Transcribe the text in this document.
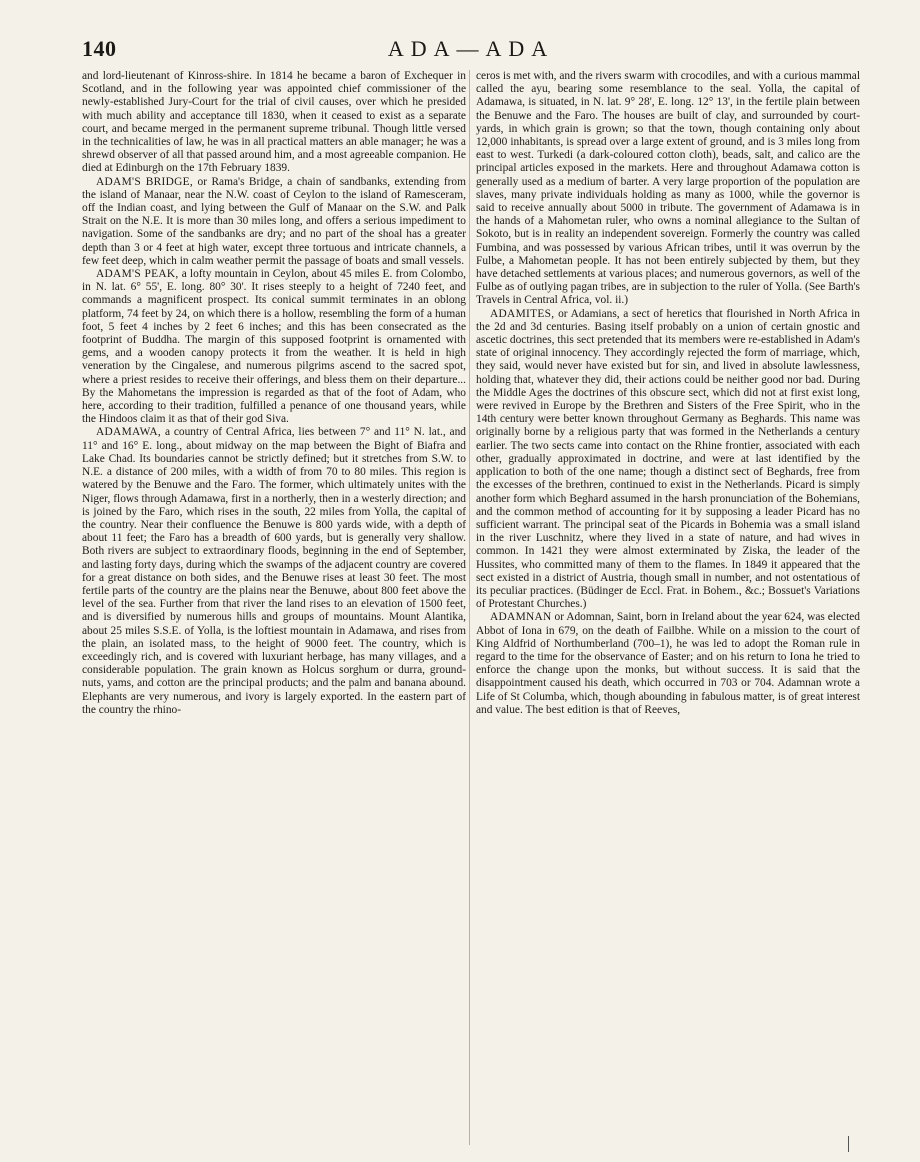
140	ADA—ADA

and lord-lieutenant of Kinross-shire. In 1814 he became a baron of Exchequer in Scotland, and in the following year was appointed chief commissioner of the newly-established Jury-Court for the trial of civil causes, over which he presided with much ability and acceptance till 1830, when it ceased to exist as a separate court, and became merged in the permanent supreme tribunal. Though little versed in the technicalities of law, he was in all practical matters an able manager; he was a shrewd observer of all that passed around him, and a most agreeable companion. He died at Edinburgh on the 17th February 1839.

ADAM'S BRIDGE, or Rama's Bridge, a chain of sandbanks, extending from the island of Manaar, near the N.W. coast of Ceylon to the island of Ramesceram, off the Indian coast, and lying between the Gulf of Manaar on the S.W. and Palk Strait on the N.E. It is more than 30 miles long, and offers a serious impediment to navigation. Some of the sandbanks are dry; and no part of the shoal has a greater depth than 3 or 4 feet at high water, except three tortuous and intricate channels, a few feet deep, which in calm weather permit the passage of boats and small vessels.

ADAM'S PEAK, a lofty mountain in Ceylon, about 45 miles E. from Colombo, in N. lat. 6° 55', E. long. 80° 30'. It rises steeply to a height of 7240 feet, and commands a magnificent prospect. Its conical summit terminates in an oblong platform, 74 feet by 24, on which there is a hollow, resembling the form of a human foot, 5 feet 4 inches by 2 feet 6 inches; and this has been consecrated as the footprint of Buddha. The margin of this supposed footprint is ornamented with gems, and a wooden canopy protects it from the weather. It is held in high veneration by the Cingalese, and numerous pilgrims ascend to the sacred spot, where a priest resides to receive their offerings, and bless them on their departure... By the Mahometans the impression is regarded as that of the foot of Adam, who here, according to their tradition, fulfilled a penance of one thousand years, while the Hindoos claim it as that of their god Siva.

ADAMAWA, a country of Central Africa, lies between 7° and 11° N. lat., and 11° and 16° E. long., about midway on the map between the Bight of Biafra and Lake Chad. Its boundaries cannot be strictly defined; but it stretches from S.W. to N.E. a distance of 200 miles, with a width of from 70 to 80 miles. This region is watered by the Benuwe and the Faro. The former, which ultimately unites with the Niger, flows through Adamawa, first in a northerly, then in a westerly direction; and is joined by the Faro, which rises in the south, 22 miles from Yolla, the capital of the country. Near their confluence the Benuwe is 800 yards wide, with a depth of about 11 feet; the Faro has a breadth of 600 yards, but is generally very shallow. Both rivers are subject to extraordinary floods, beginning in the end of September, and lasting forty days, during which the swamps of the adjacent country are covered for a great distance on both sides, and the Benuwe rises at least 30 feet. The most fertile parts of the country are the plains near the Benuwe, about 800 feet above the level of the sea. Further from that river the land rises to an elevation of 1500 feet, and is diversified by numerous hills and groups of mountains. Mount Alantika, about 25 miles S.S.E. of Yolla, is the loftiest mountain in Adamawa, and rises from the plain, an isolated mass, to the height of 9000 feet. The country, which is exceedingly rich, and is covered with luxuriant herbage, has many villages, and a considerable population. The grain known as Holcus sorghum or durra, ground-nuts, yams, and cotton are the principal products; and the palm and banana abound. Elephants are very numerous, and ivory is largely exported. In the eastern part of the country the rhino-

ceros is met with, and the rivers swarm with crocodiles, and with a curious mammal called the ayu, bearing some resemblance to the seal. Yolla, the capital of Adamawa, is situated, in N. lat. 9° 28', E. long. 12° 13', in the fertile plain between the Benuwe and the Faro. The houses are built of clay, and surrounded by court-yards, in which grain is grown; so that the town, though containing only about 12,000 inhabitants, is spread over a large extent of ground, and is 3 miles long from east to west. Turkedi (a dark-coloured cotton cloth), beads, salt, and calico are the principal articles exposed in the markets. Here and throughout Adamawa cotton is generally used as a medium of barter. A very large proportion of the population are slaves, many private individuals holding as many as 1000, while the governor is said to receive annually about 5000 in tribute. The government of Adamawa is in the hands of a Mahometan ruler, who owns a nominal allegiance to the Sultan of Sokoto, but is in reality an independent sovereign. Formerly the country was called Fumbina, and was possessed by various African tribes, until it was overrun by the Fulbe, a Mahometan people. It has not been entirely subjected by them, but they have detached settlements at various places; and numerous governors, as well of the Fulbe as of outlying pagan tribes, are in subjection to the ruler of Yolla. (See Barth's Travels in Central Africa, vol. ii.)

ADAMITES, or Adamians, a sect of heretics that flourished in North Africa in the 2d and 3d centuries. Basing itself probably on a union of certain gnostic and ascetic doctrines, this sect pretended that its members were re-established in Adam's state of original innocency. They accordingly rejected the form of marriage, which, they said, would never have existed but for sin, and lived in absolute lawlessness, holding that, whatever they did, their actions could be neither good nor bad. During the Middle Ages the doctrines of this obscure sect, which did not at first exist long, were revived in Europe by the Brethren and Sisters of the Free Spirit, who in the 14th century were better known throughout Germany as Beghards. This name was originally borne by a religious party that was formed in the Netherlands a century earlier. The two sects came into contact on the Rhine frontier, associated with each other, gradually approximated in doctrine, and were at last identified by the application to both of the one name; though a distinct sect of Beghards, free from the excesses of the brethren, continued to exist in the Netherlands. Picard is simply another form which Beghard assumed in the harsh pronunciation of the Bohemians, and the common method of accounting for it by supposing a leader Picard has no sufficient warrant. The principal seat of the Picards in Bohemia was a small island in the river Luschnitz, where they lived in a state of nature, and had wives in common. In 1421 they were almost exterminated by Ziska, the leader of the Hussites, who committed many of them to the flames. In 1849 it appeared that the sect existed in a district of Austria, though small in number, and not ostentatious of its peculiar practices. (Büdinger de Eccl. Frat. in Bohem., &c.; Bossuet's Variations of Protestant Churches.)

ADAMNAN or Adomnan, Saint, born in Ireland about the year 624, was elected Abbot of Iona in 679, on the death of Failbhe. While on a mission to the court of King Aldfrid of Northumberland (700–1), he was led to adopt the Roman rule in regard to the time for the observance of Easter; and on his return to Iona he tried to enforce the change upon the monks, but without success. It is said that the disappointment caused his death, which occurred in 703 or 704. Adamnan wrote a Life of St Columba, which, though abounding in fabulous matter, is of great interest and value. The best edition is that of Reeves,
